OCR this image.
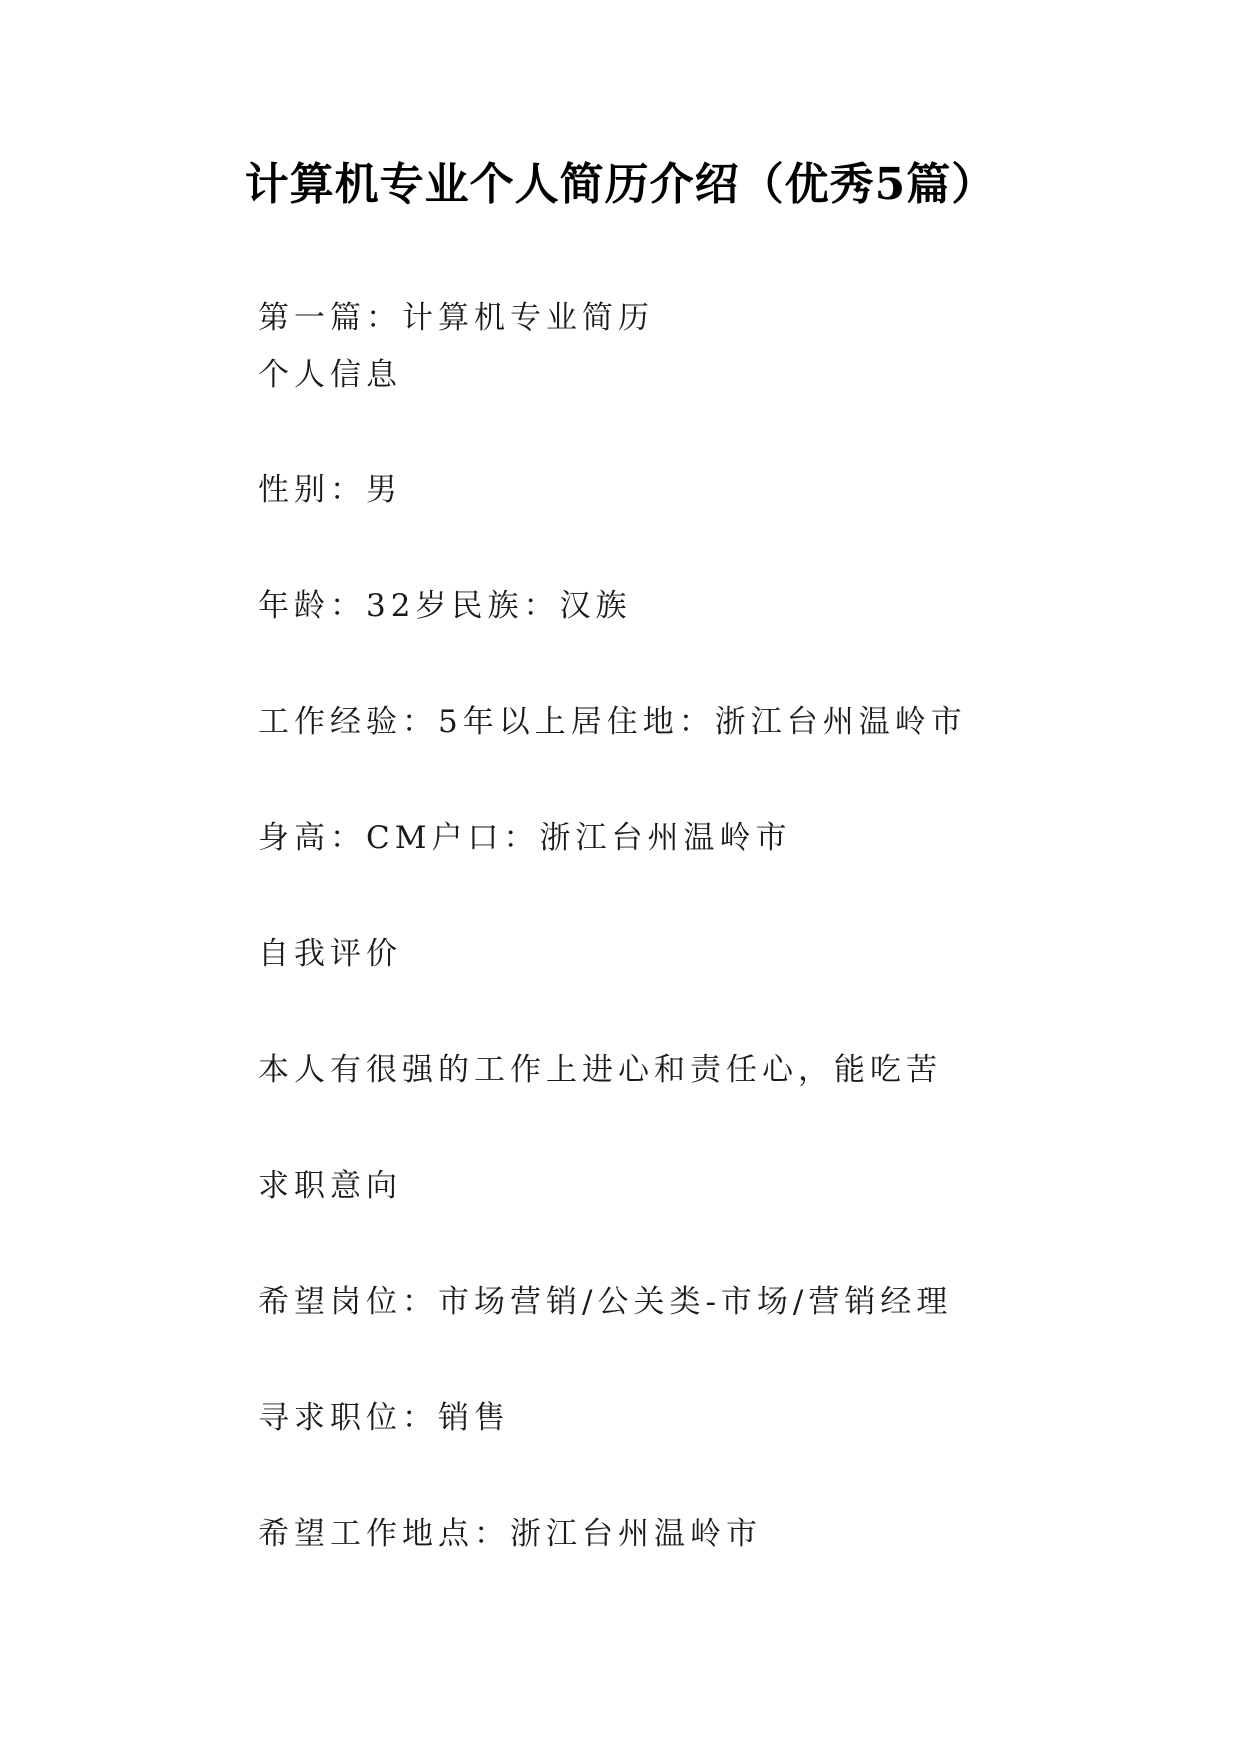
计算机专业个人简历介绍（优秀5篇）

第一篇：计算机专业简历

个人信息

性别：男

年龄：32岁民族：汉族

工作经验：5年以上居住地：浙江台州温岭市

身高：CM户口：浙江台州温岭市

自我评价

本人有很强的工作上进心和责任心，能吃苦

求职意向

希望岗位：市场营销/公关类-市场/营销经理

寻求职位：销售

希望工作地点：浙江台州温岭市
